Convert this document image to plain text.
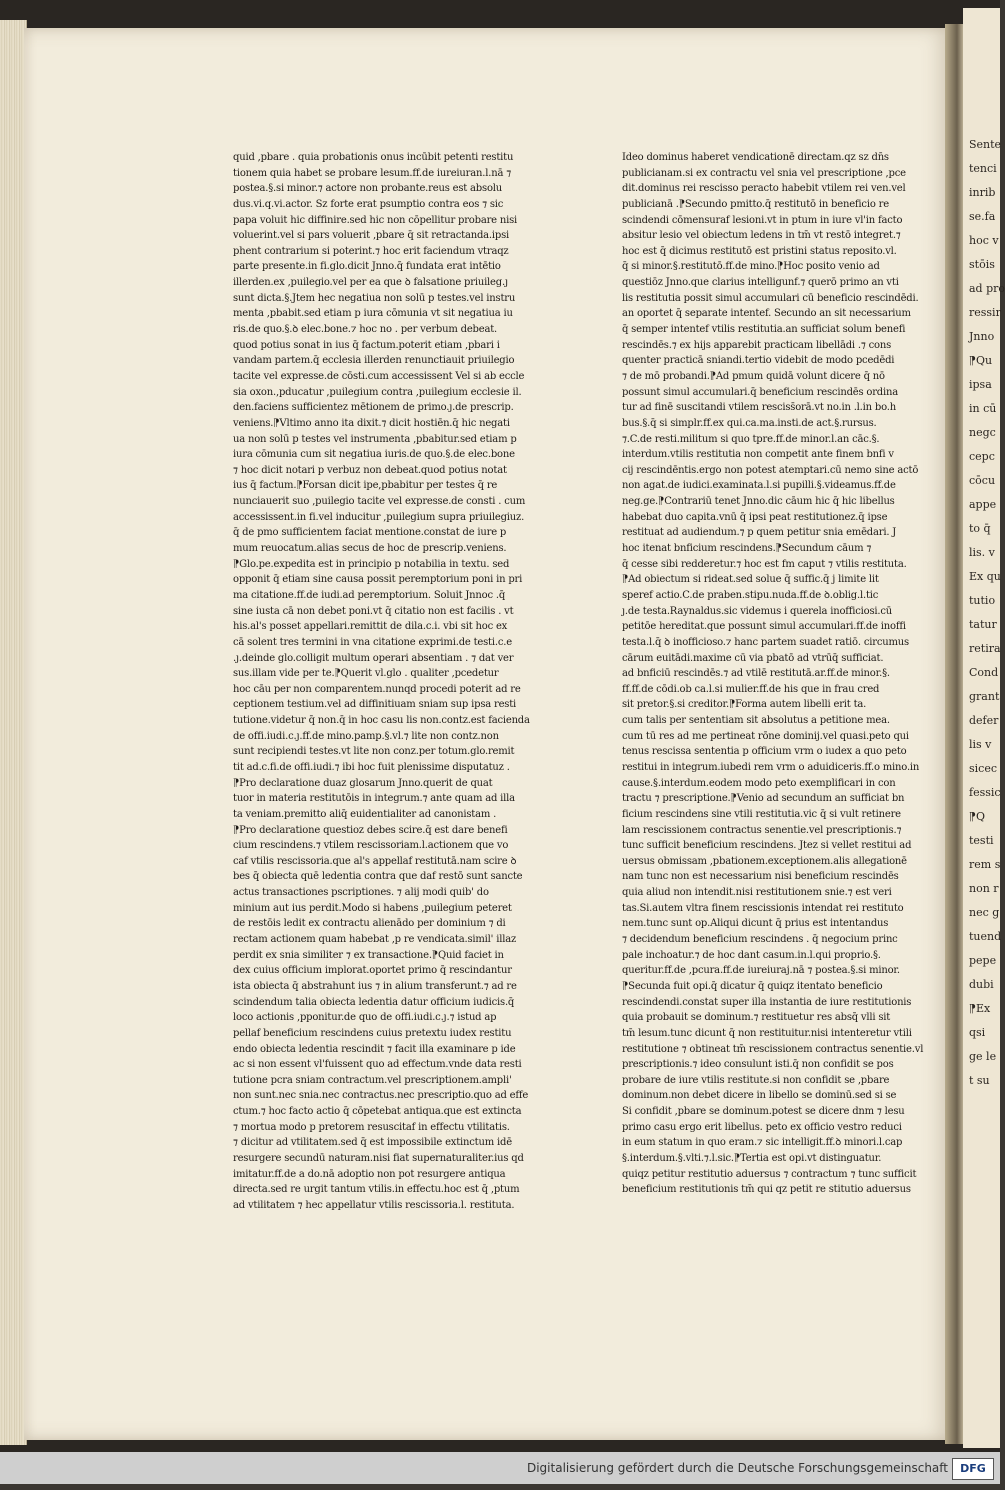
Sente
tenci
inrib
se.fa
hoc v
stōis
ad pro
ressir
Jnno
⁋Qu
ipsa
in cū
negc
cepc
cōcu
appe
to q̄
lis. v
Ex qu
tutio
tatur
retira
Cond
grant
defer
lis v
sicec
fessic
⁋Q
testi
rem s
non r
nec g
tuend
pepe
dubi
⁋Ex
qsi
ge le
t su
quid ,pbare . quia probationis onus incūbit petenti restitu
tionem quia habet se probare lesum.ff.de iureiuran.l.nā ⁊
postea.§.si minor.⁊ actore non probante.reus est absolu
dus.vi.q.vi.actor. Sz forte erat psumptio contra eos ⁊ sic
papa voluit hic diffinire.sed hic non cōpellitur probare nisi
voluerint.vel si pars voluerit ,pbare q̄ sit retractanda.ipsi
phent contrarium si poterint.⁊ hoc erit faciendum vtraqz
parte presente.in fi.glo.dicit Jnno.q̄ fundata erat intētio
illerden.ex ,puilegio.vel per ea que ꝺ falsatione priuileg.ȷ
sunt dicta.§.Jtem hec negatiua non solū p testes.vel instru
menta ,pbabit.sed etiam p iura cōmunia vt sit negatiua iu
ris.de quo.§.ꝺ elec.bone.⁊ hoc no . per verbum debeat.
quod potius sonat in ius q̄ factum.poterit etiam ,pbari i
vandam partem.q̄ ecclesia illerden renunctiauit priuilegio
tacite vel expresse.de cōsti.cum accessissent Vel si ab eccle
sia oxon.,pducatur ,puilegium contra ,puilegium ecclesie il.
den.faciens sufficientez mētionem de primo.ȷ.de prescrip.
veniens.⁋Vltimo anno ita dixit.⁊ dicit hostiēn.q̄ hic negati
ua non solū p testes vel instrumenta ,pbabitur.sed etiam p
iura cōmunia cum sit negatiua iuris.de quo.§.de elec.bone
⁊ hoc dicit notari p verbuz non debeat.quod potius notat
ius q̄ factum.⁋Forsan dicit ipe,pbabitur per testes q̄ re
nunciauerit suo ,puilegio tacite vel expresse.de consti . cum
accessissent.in fi.vel inducitur ,puilegium supra priuilegiuz.
q̄ de pmo sufficientem faciat mentione.constat de iure p
mum reuocatum.alias secus de hoc de prescrip.veniens.
⁋Glo.pe.expedita est in principio p notabilia in textu. sed
opponit q̄ etiam sine causa possit peremptorium poni in pri
ma citatione.ff.de iudi.ad peremptorium. Soluit Jnnoc .q̄
sine iusta cā non debet poni.vt q̄ citatio non est facilis . vt
his.al's posset appellari.remittit de dila.c.i. vbi sit hoc ex
cā solent tres termini in vna citatione exprimi.de testi.c.e
.ȷ.deinde glo.colligit multum operari absentiam . ⁊ dat ver
sus.illam vide per te.⁋Querit vl.glo . qualiter ,pcedetur
hoc cāu per non comparentem.nunqd procedi poterit ad re
ceptionem testium.vel ad diffinitiuam sniam sup ipsa resti
tutione.videtur q̄ non.q̄ in hoc casu lis non.contz.est facienda
de offi.iudi.c.ȷ.ff.de mino.pamp.§.vl.⁊ lite non contz.non
sunt recipiendi testes.vt lite non conz.per totum.glo.remit
tit ad.c.fi.de offi.iudi.⁊ ibi hoc fuit plenissime disputatuz .
⁋Pro declaratione duaz glosarum Jnno.querit de quat
tuor in materia restitutōis in integrum.⁊ ante quam ad illa
ta veniam.premitto aliq̄ euidentialiter ad canonistam .
⁋Pro declaratione questioz debes scire.q̄ est dare benefi
cium rescindens.⁊ vtilem rescissoriam.l.actionem que vo
caf vtilis rescissoria.que al's appellaf restitutā.nam scire ꝺ
bes q̄ obiecta quē ledentia contra que daf restō sunt sancte
actus transactiones pscriptiones. ⁊ alij modi quib' do
minium aut ius perdit.Modo si habens ,puilegium peteret
de restōis ledit ex contractu alienādo per dominium ⁊ di
rectam actionem quam habebat ,p re vendicata.simil' illaz
perdit ex snia similiter ⁊ ex transactione.⁋Quid faciet in
dex cuius officium implorat.oportet primo q̄ rescindantur
ista obiecta q̄ abstrahunt ius ⁊ in alium transferunt.⁊ ad re
scindendum talia obiecta ledentia datur officium iudicis.q̄
loco actionis ,pponitur.de quo de offi.iudi.c.ȷ.⁊ istud ap
pellaf beneficium rescindens cuius pretextu iudex restitu
endo obiecta ledentia rescindit ⁊ facit illa examinare p ide
ac si non essent vl'fuissent quo ad effectum.vnde data resti
tutione pcra sniam contractum.vel prescriptionem.ampli'
non sunt.nec snia.nec contractus.nec prescriptio.quo ad effe
ctum.⁊ hoc facto actio q̄ cōpetebat antiqua.que est extincta
⁊ mortua modo p pretorem resuscitaf in effectu vtilitatis.
⁊ dicitur ad vtilitatem.sed q̄ est impossibile extinctum idē
resurgere secundū naturam.nisi fiat supernaturaliter.ius qd
imitatur.ff.de a do.nā adoptio non pot resurgere antiqua
directa.sed re urgit tantum vtilis.in effectu.hoc est q̄ ,ptum
ad vtilitatem ⁊ hec appellatur vtilis rescissoria.l. restituta.
Ideo dominus haberet vendicationē directam.qz sz dn̄s
publicianam.si ex contractu vel snia vel prescriptione ,pce
dit.dominus rei rescisso peracto habebit vtilem rei ven.vel
publicianā .⁋Secundo pmitto.q̄ restitutō in beneficio re
scindendi cōmensuraf lesioni.vt in ptum in iure vl'in facto
absitur lesio vel obiectum ledens in tm̄ vt restō integret.⁊
hoc est q̄ dicimus restitutō est pristini status reposito.vl.
q̄ si minor.§.restitutō.ff.de mino.⁋Hoc posito venio ad
questiōz Jnno.que clarius intelligunf.⁊ querō primo an vti
lis restitutia possit simul accumulari cū beneficio rescindēdi.
an oportet q̄ separate intentef. Secundo an sit necessarium
q̄ semper intentef vtilis restitutia.an sufficiat solum benefi
rescindēs.⁊ ex hijs apparebit practicam libellādi .⁊ cons
quenter practicā sniandi.tertio videbit de modo pcedēdi
⁊ de mō probandi.⁋Ad pmum quidā volunt dicere q̄ nō
possunt simul accumulari.q̄ beneficium rescindēs ordina
tur ad finē suscitandi vtilem resciss̄orā.vt no.in .l.in bo.h
bus.§.q̄ si simplr.ff.ex qui.ca.ma.insti.de act.§.rursus.
⁊.C.de resti.militum si quo tpre.ff.de minor.l.an cāc.§.
interdum.vtilis restitutia non competit ante finem bnfi v
cij rescindēntis.ergo non potest atemptari.cū nemo sine actō
non agat.de iudici.examinata.l.si pupilli.§.videamus.ff.de
neg.ge.⁋Contrariū tenet Jnno.dic cāum hic q̄ hic libellus
habebat duo capita.vnū q̄ ipsi peat restitutionez.q̄ ipse
restituat ad audiendum.⁊ p quem petitur snia emēdari. J
hoc itenat bnficium rescindens.⁋Secundum cāum ⁊
q̄ cesse sibi redderetur.⁊ hoc est fm caput ⁊ vtilis restituta.
⁋Ad obiectum si rideat.sed solue q̄ suffic.q̄ j limite lit
speref actio.C.de praben.stipu.nuda.ff.de ꝺ.oblig.l.tic
ȷ.de testa.Raynaldus.sic videmus i querela inofficiosi.cū
petitōe hereditat.que possunt simul accumulari.ff.de inoffi
testa.l.q̄ ꝺ inofficioso.⁊ hanc partem suadet ratiō. circumus
cārum euitādi.maxime cū via pbatō ad vtrūq̄ sufficiat.
ad bnficiū rescindēs.⁊ ad vtilē restitutā.ar.ff.de minor.§.
ff.ff.de cōdi.ob ca.l.si mulier.ff.de his que in frau cred
sit pretor.§.si creditor.⁋Forma autem libelli erit ta.
cum talis per sententiam sit absolutus a petitione mea.
cum tū res ad me pertineat rōne dominij.vel quasi.peto qui
tenus rescissa sententia p officium vrm o iudex a quo peto
restitui in integrum.iubedi rem vrm o aduidiceris.ff.o mino.in
cause.§.interdum.eodem modo peto exemplificari in con
tractu ⁊ prescriptione.⁋Venio ad secundum an sufficiat bn
ficium rescindens sine vtili restitutia.vic q̄ si vult retinere
lam rescissionem contractus senentie.vel prescriptionis.⁊
tunc sufficit beneficium rescindens. Jtez si vellet restitui ad
uersus obmissam ,pbationem.exceptionem.alis allegationē
nam tunc non est necessarium nisi beneficium rescindēs
quia aliud non intendit.nisi restitutionem snie.⁊ est veri
tas.Si.autem vltra finem rescissionis intendat rei restituto
nem.tunc sunt op.Aliqui dicunt q̄ prius est intentandus
⁊ decidendum beneficium rescindens . q̄ negocium princ
pale inchoatur.⁊ de hoc dant casum.in.l.qui proprio.§.
queritur.ff.de ,pcura.ff.de iureiuraj.nā ⁊ postea.§.si minor.
⁋Secunda fuit opi.q̄ dicatur q̄ quiqz itentato beneficio
rescindendi.constat super illa instantia de iure restitutionis
quia probauit se dominum.⁊ restituetur res absq̄ vlli sit
tm̄ lesum.tunc dicunt q̄ non restituitur.nisi intenteretur vtili
restitutione ⁊ obtineat tm̄ rescissionem contractus senentie.vl
prescriptionis.⁊ ideo consulunt isti.q̄ non confidit se pos
probare de iure vtilis restitute.si non confidit se ,pbare
dominum.non debet dicere in libello se dominū.sed si se
Si confidit ,pbare se dominum.potest se dicere dnm ⁊ lesu
primo casu ergo erit libellus. peto ex officio vestro reduci
in eum statum in quo eram.⁊ sic intelligit.ff.ꝺ minori.l.cap
§.interdum.§.vlti.⁊.l.sic.⁋Tertia est opi.vt distinguatur.
quiqz petitur restitutio aduersus ⁊ contractum ⁊ tunc sufficit
beneficium restitutionis tm̄ qui qz petit re stitutio aduersus
Digitalisierung gefördert durch die Deutsche Forschungsgemeinschaft	DFG
